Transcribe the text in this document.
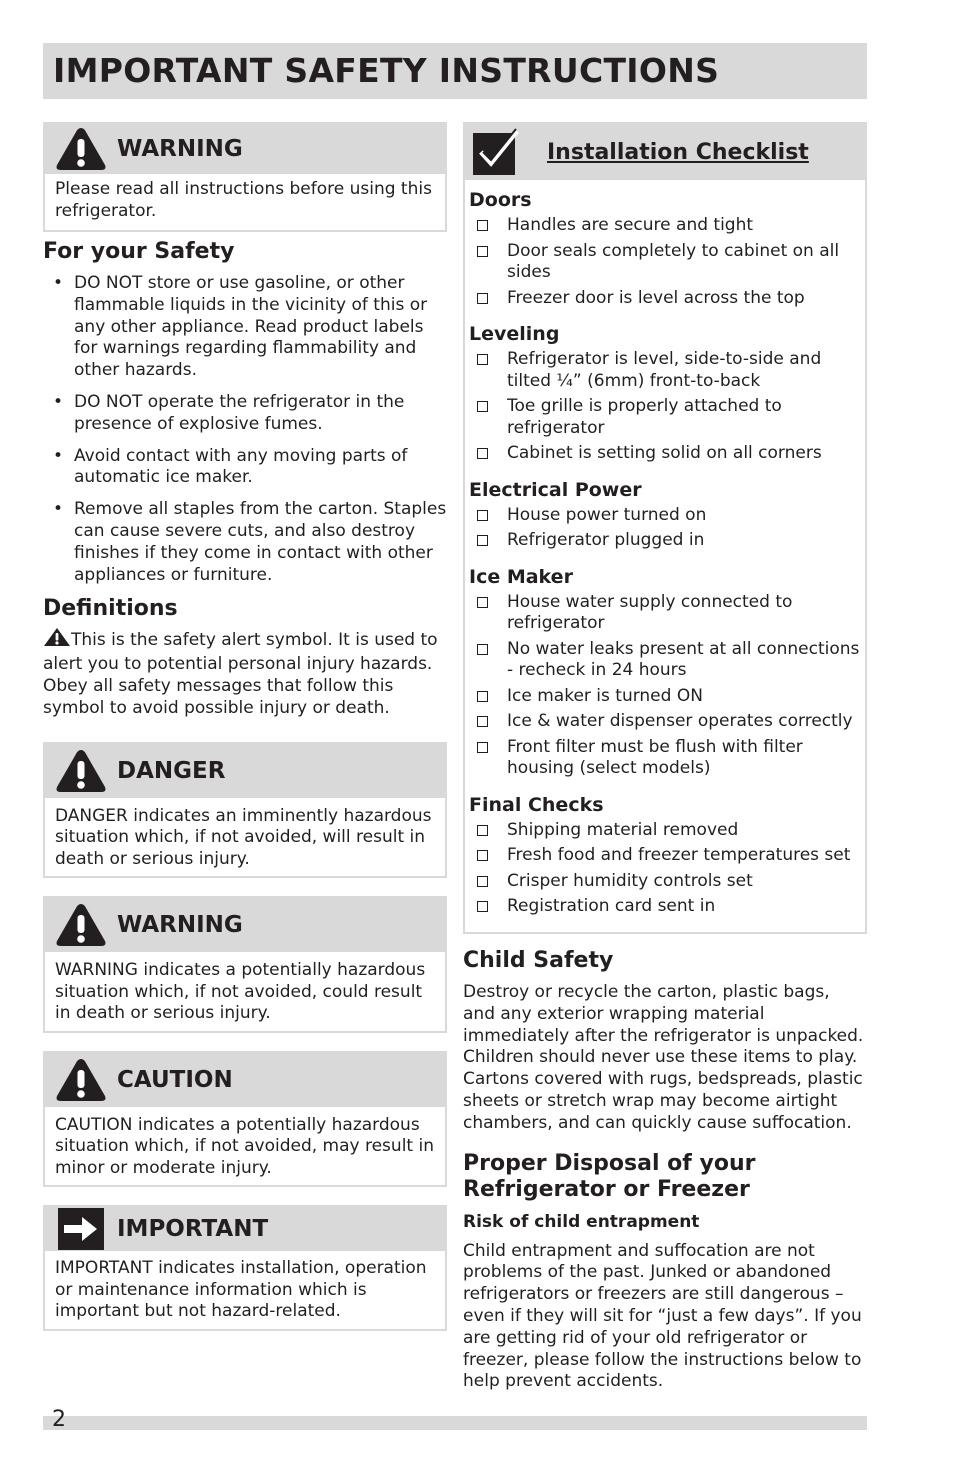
IMPORTANT SAFETY INSTRUCTIONS
WARNING
Please read all instructions before using this refrigerator.
For your Safety
• DO NOT store or use gasoline, or other flammable liquids in the vicinity of this or any other appliance. Read product labels for warnings regarding flammability and other hazards.
• DO NOT operate the refrigerator in the presence of explosive fumes.
• Avoid contact with any moving parts of automatic ice maker.
• Remove all staples from the carton. Staples can cause severe cuts, and also destroy finishes if they come in contact with other appliances or furniture.
Definitions

This is the safety alert symbol. It is used to alert you to potential personal injury hazards. Obey all safety messages that follow this symbol to avoid possible injury or death.

DANGER
DANGER indicates an imminently hazardous situation which, if not avoided, will result in death or serious injury.
WARNING
WARNING indicates a potentially hazardous situation which, if not avoided, could result in death or serious injury.
CAUTION
CAUTION indicates a potentially hazardous situation which, if not avoided, may result in minor or moderate injury.
IMPORTANT
IMPORTANT indicates installation, operation or maintenance information which is important but not hazard-related.
Installation Checklist
Doors
Handles are secure and tight
Door seals completely to cabinet on all sides
Freezer door is level across the top
Leveling
Refrigerator is level, side-to-side and tilted ¼” (6mm) front-to-back
Toe grille is properly attached to refrigerator
Cabinet is setting solid on all corners
Electrical Power
House power turned on
Refrigerator plugged in
Ice Maker
House water supply connected to refrigerator
No water leaks present at all connections - recheck in 24 hours
Ice maker is turned ON
Ice & water dispenser operates correctly
Front filter must be flush with filter housing (select models)
Final Checks
Shipping material removed
Fresh food and freezer temperatures set
Crisper humidity controls set
Registration card sent in
Child Safety

Destroy or recycle the carton, plastic bags, and any exterior wrapping material immediately after the refrigerator is unpacked. Children should never use these items to play. Cartons covered with rugs, bedspreads, plastic sheets or stretch wrap may become airtight chambers, and can quickly cause suffocation.

Proper Disposal of your Refrigerator or Freezer
Risk of child entrapment

Child entrapment and suffocation are not problems of the past. Junked or abandoned refrigerators or freezers are still dangerous – even if they will sit for “just a few days”. If you are getting rid of your old refrigerator or freezer, please follow the instructions below to help prevent accidents.

2
